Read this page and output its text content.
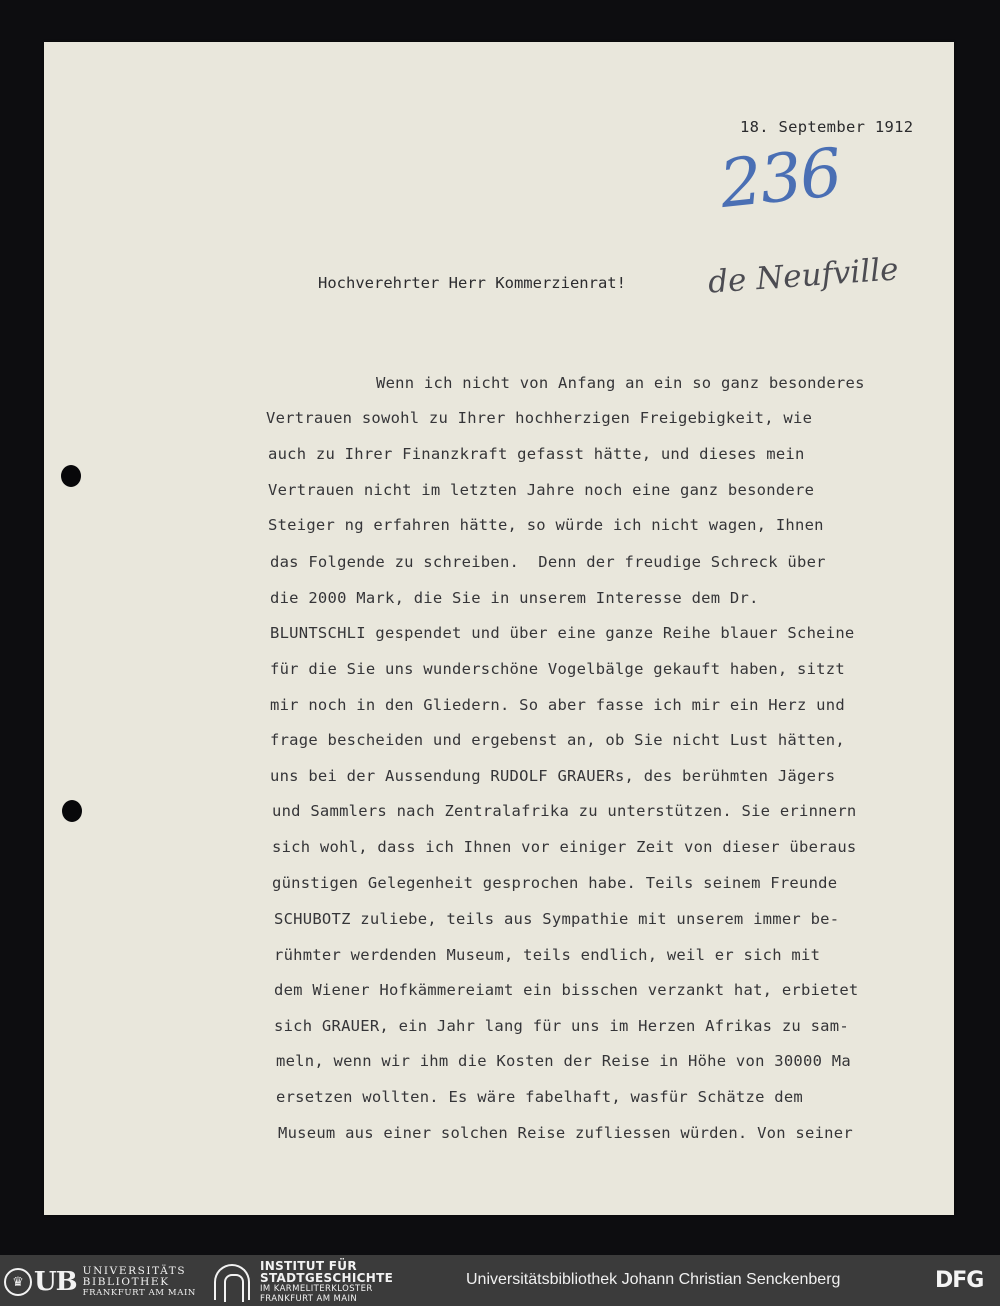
18. September 1912
236
Hochverehrter Herr Kommerzienrat!	de Neufville
Wenn ich nicht von Anfang an ein so ganz besonderes
Vertrauen sowohl zu Ihrer hochherzigen Freigebigkeit, wie
auch zu Ihrer Finanzkraft gefasst hätte, und dieses mein
Vertrauen nicht im letzten Jahre noch eine ganz besondere
Steiger ng erfahren hätte, so würde ich nicht wagen, Ihnen
das Folgende zu schreiben.  Denn der freudige Schreck über
die 2000 Mark, die Sie in unserem Interesse dem Dr.
BLUNTSCHLI gespendet und über eine ganze Reihe blauer Scheine
für die Sie uns wunderschöne Vogelbälge gekauft haben, sitzt
mir noch in den Gliedern. So aber fasse ich mir ein Herz und
frage bescheiden und ergebenst an, ob Sie nicht Lust hätten,
uns bei der Aussendung RUDOLF GRAUERs, des berühmten Jägers
und Sammlers nach Zentralafrika zu unterstützen. Sie erinnern
sich wohl, dass ich Ihnen vor einiger Zeit von dieser überaus
günstigen Gelegenheit gesprochen habe. Teils seinem Freunde
SCHUBOTZ zuliebe, teils aus Sympathie mit unserem immer be-
rühmter werdenden Museum, teils endlich, weil er sich mit
dem Wiener Hofkämmereiamt ein bisschen verzankt hat, erbietet
sich GRAUER, ein Jahr lang für uns im Herzen Afrikas zu sam-
meln, wenn wir ihm die Kosten der Reise in Höhe von 30000 Ma
ersetzen wollten. Es wäre fabelhaft, wasfür Schätze dem
Museum aus einer solchen Reise zufliessen würden. Von seiner
♛ UB UNIVERSITÄTS
BIBLIOTHEK
FRANKFURT AM MAIN
INSTITUT FÜR
STADTGESCHICHTE
IM KARMELITERKLOSTER
FRANKFURT AM MAIN
Universitätsbibliothek Johann Christian Senckenberg	DFG
